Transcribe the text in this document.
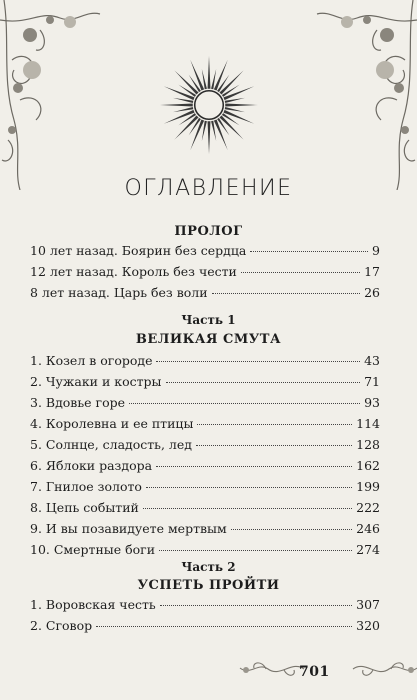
ОГЛАВЛЕНИЕ
ПРОЛОГ
10 лет назад. Боярин без сердца	9
12 лет назад. Король без чести	17
8 лет назад. Царь без воли	26
Часть 1
ВЕЛИКАЯ СМУТА
1. Козел в огороде	43
2. Чужаки и костры	71
3. Вдовье горе	93
4. Королевна и ее птицы	114
5. Солнце, сладость, лед	128
6. Яблоки раздора	162
7. Гнилое золото	199
8. Цепь событий	222
9. И вы позавидуете мертвым	246
10. Смертные боги	274
Часть 2
УСПЕТЬ ПРОЙТИ
1. Воровская честь	307
2. Сговор	320
701
